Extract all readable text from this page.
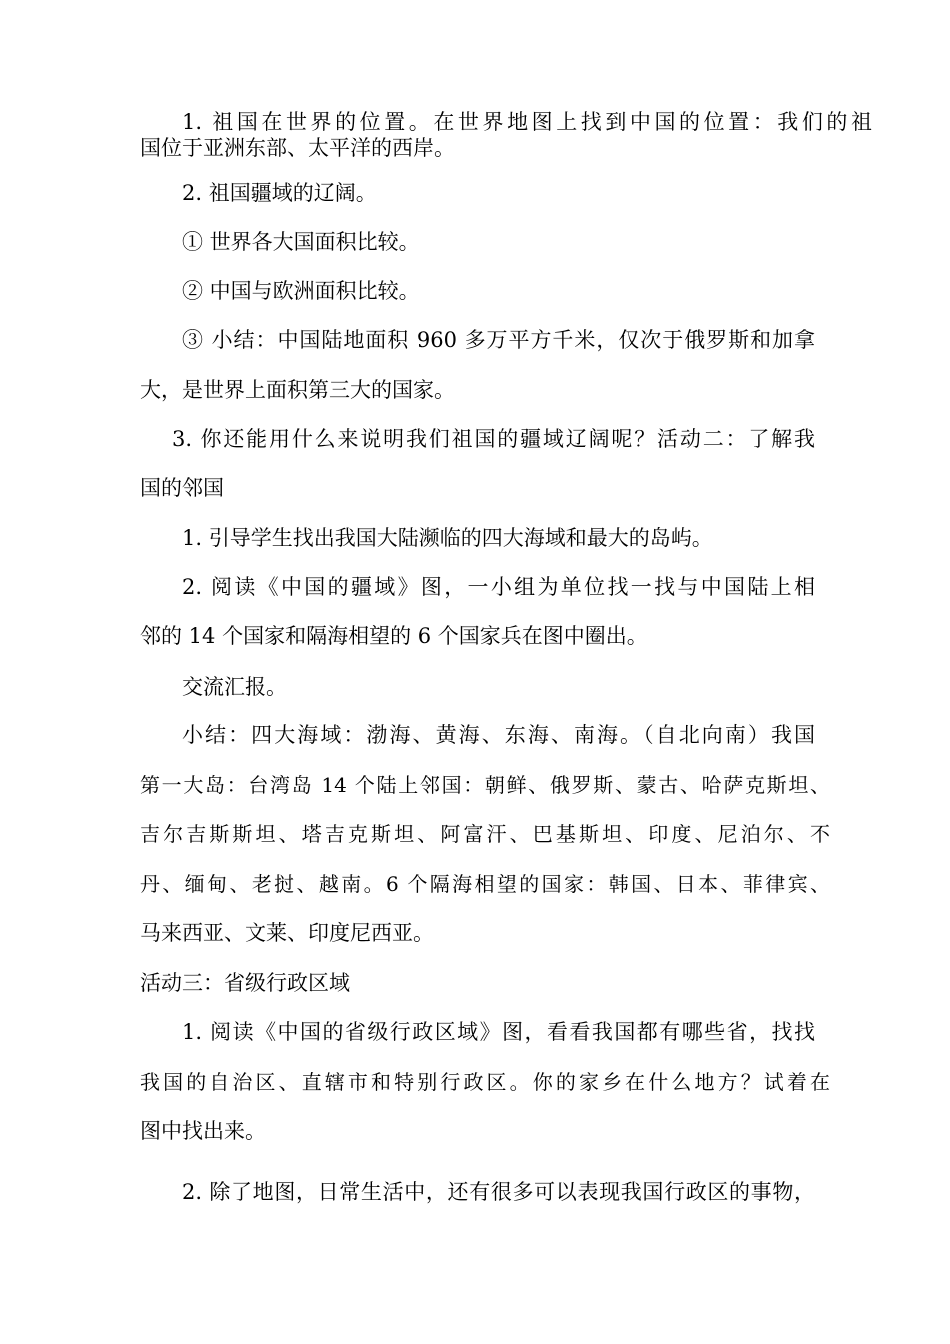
1. 祖国在世界的位置。在世界地图上找到中国的位置：我们的祖
国位于亚洲东部、太平洋的西岸。
2. 祖国疆域的辽阔。
① 世界各大国面积比较。
② 中国与欧洲面积比较。
③ 小结：中国陆地面积 960 多万平方千米，仅次于俄罗斯和加拿
大，是世界上面积第三大的国家。
3. 你还能用什么来说明我们祖国的疆域辽阔呢？活动二：了解我
国的邻国
1. 引导学生找出我国大陆濒临的四大海域和最大的岛屿。
2. 阅读《中国的疆域》图，一小组为单位找一找与中国陆上相
邻的 14 个国家和隔海相望的 6 个国家兵在图中圈出。
交流汇报。
小结：四大海域：渤海、黄海、东海、南海。（自北向南）我国
第一大岛：台湾岛 14 个陆上邻国：朝鲜、俄罗斯、蒙古、哈萨克斯坦、
吉尔吉斯斯坦、塔吉克斯坦、阿富汗、巴基斯坦、印度、尼泊尔、不
丹、缅甸、老挝、越南。6 个隔海相望的国家：韩国、日本、菲律宾、
马来西亚、文莱、印度尼西亚。
活动三：省级行政区域
1. 阅读《中国的省级行政区域》图，看看我国都有哪些省，找找
我国的自治区、直辖市和特别行政区。你的家乡在什么地方？试着在
图中找出来。
2. 除了地图，日常生活中，还有很多可以表现我国行政区的事物，
